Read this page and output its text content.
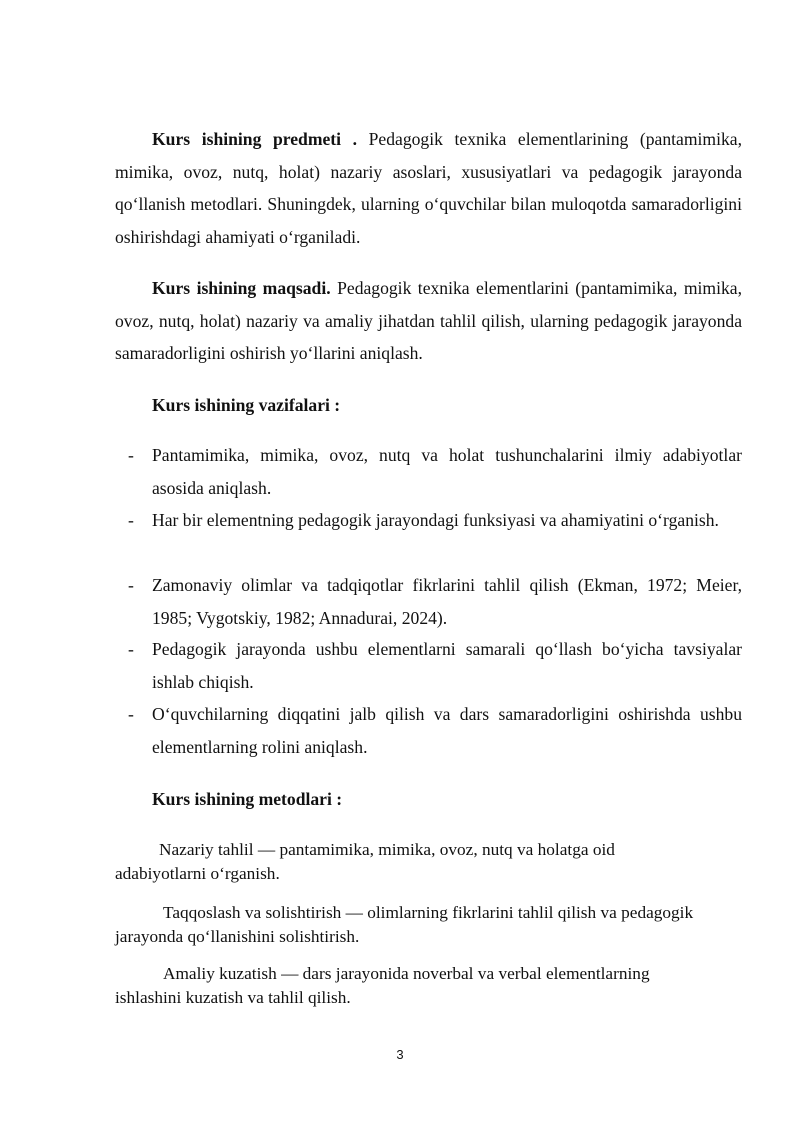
Kurs ishining predmeti . Pedagogik texnika elementlarining (pantamimika, mimika, ovoz, nutq, holat) nazariy asoslari, xususiyatlari va pedagogik jarayonda qo‘llanish metodlari. Shuningdek, ularning o‘quvchilar bilan muloqotda samaradorligini oshirishdagi ahamiyati o‘rganiladi.
Kurs ishining maqsadi. Pedagogik texnika elementlarini (pantamimika, mimika, ovoz, nutq, holat) nazariy va amaliy jihatdan tahlil qilish, ularning pedagogik jarayonda samaradorligini oshirish yo‘llarini aniqlash.
Kurs ishining vazifalari :
- Pantamimika, mimika, ovoz, nutq va holat tushunchalarini ilmiy adabiyotlar asosida aniqlash.
- Har bir elementning pedagogik jarayondagi funksiyasi va ahamiyatini o‘rganish.
- Zamonaviy olimlar va tadqiqotlar fikrlarini tahlil qilish (Ekman, 1972; Meier, 1985; Vygotskiy, 1982; Annadurai, 2024).
- Pedagogik jarayonda ushbu elementlarni samarali qo‘llash bo‘yicha tavsiyalar ishlab chiqish.
- O‘quvchilarning diqqatini jalb qilish va dars samaradorligini oshirishda ushbu elementlarning rolini aniqlash.
Kurs ishining metodlari :
Nazariy tahlil — pantamimika, mimika, ovoz, nutq va holatga oid
adabiyotlarni o‘rganish.
Taqqoslash va solishtirish — olimlarning fikrlarini tahlil qilish va pedagogik
jarayonda qo‘llanishini solishtirish.
Amaliy kuzatish — dars jarayonida noverbal va verbal elementlarning
ishlashini kuzatish va tahlil qilish.
3
